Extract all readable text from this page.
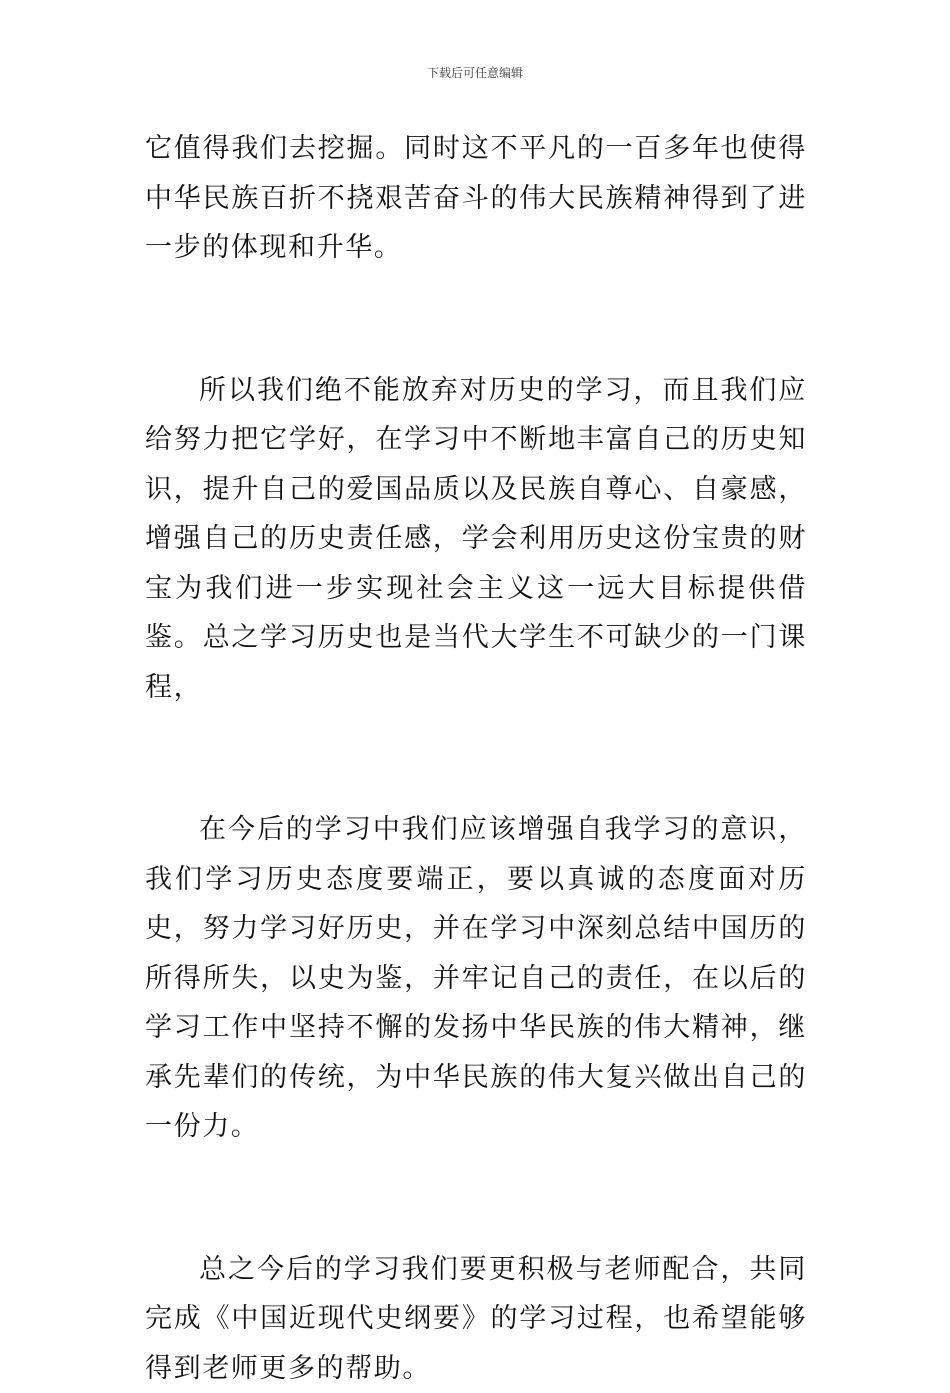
下载后可任意编辑

它值得我们去挖掘。同时这不平凡的一百多年也使得中华民族百折不挠艰苦奋斗的伟大民族精神得到了进一步的体现和升华。

所以我们绝不能放弃对历史的学习，而且我们应给努力把它学好，在学习中不断地丰富自己的历史知识，提升自己的爱国品质以及民族自尊心、自豪感，增强自己的历史责任感，学会利用历史这份宝贵的财宝为我们进一步实现社会主义这一远大目标提供借鉴。总之学习历史也是当代大学生不可缺少的一门课程，

在今后的学习中我们应该增强自我学习的意识，我们学习历史态度要端正，要以真诚的态度面对历史，努力学习好历史，并在学习中深刻总结中国历的所得所失，以史为鉴，并牢记自己的责任，在以后的学习工作中坚持不懈的发扬中华民族的伟大精神，继承先辈们的传统，为中华民族的伟大复兴做出自己的一份力。

总之今后的学习我们要更积极与老师配合，共同完成《中国近现代史纲要》的学习过程，也希望能够得到老师更多的帮助。
